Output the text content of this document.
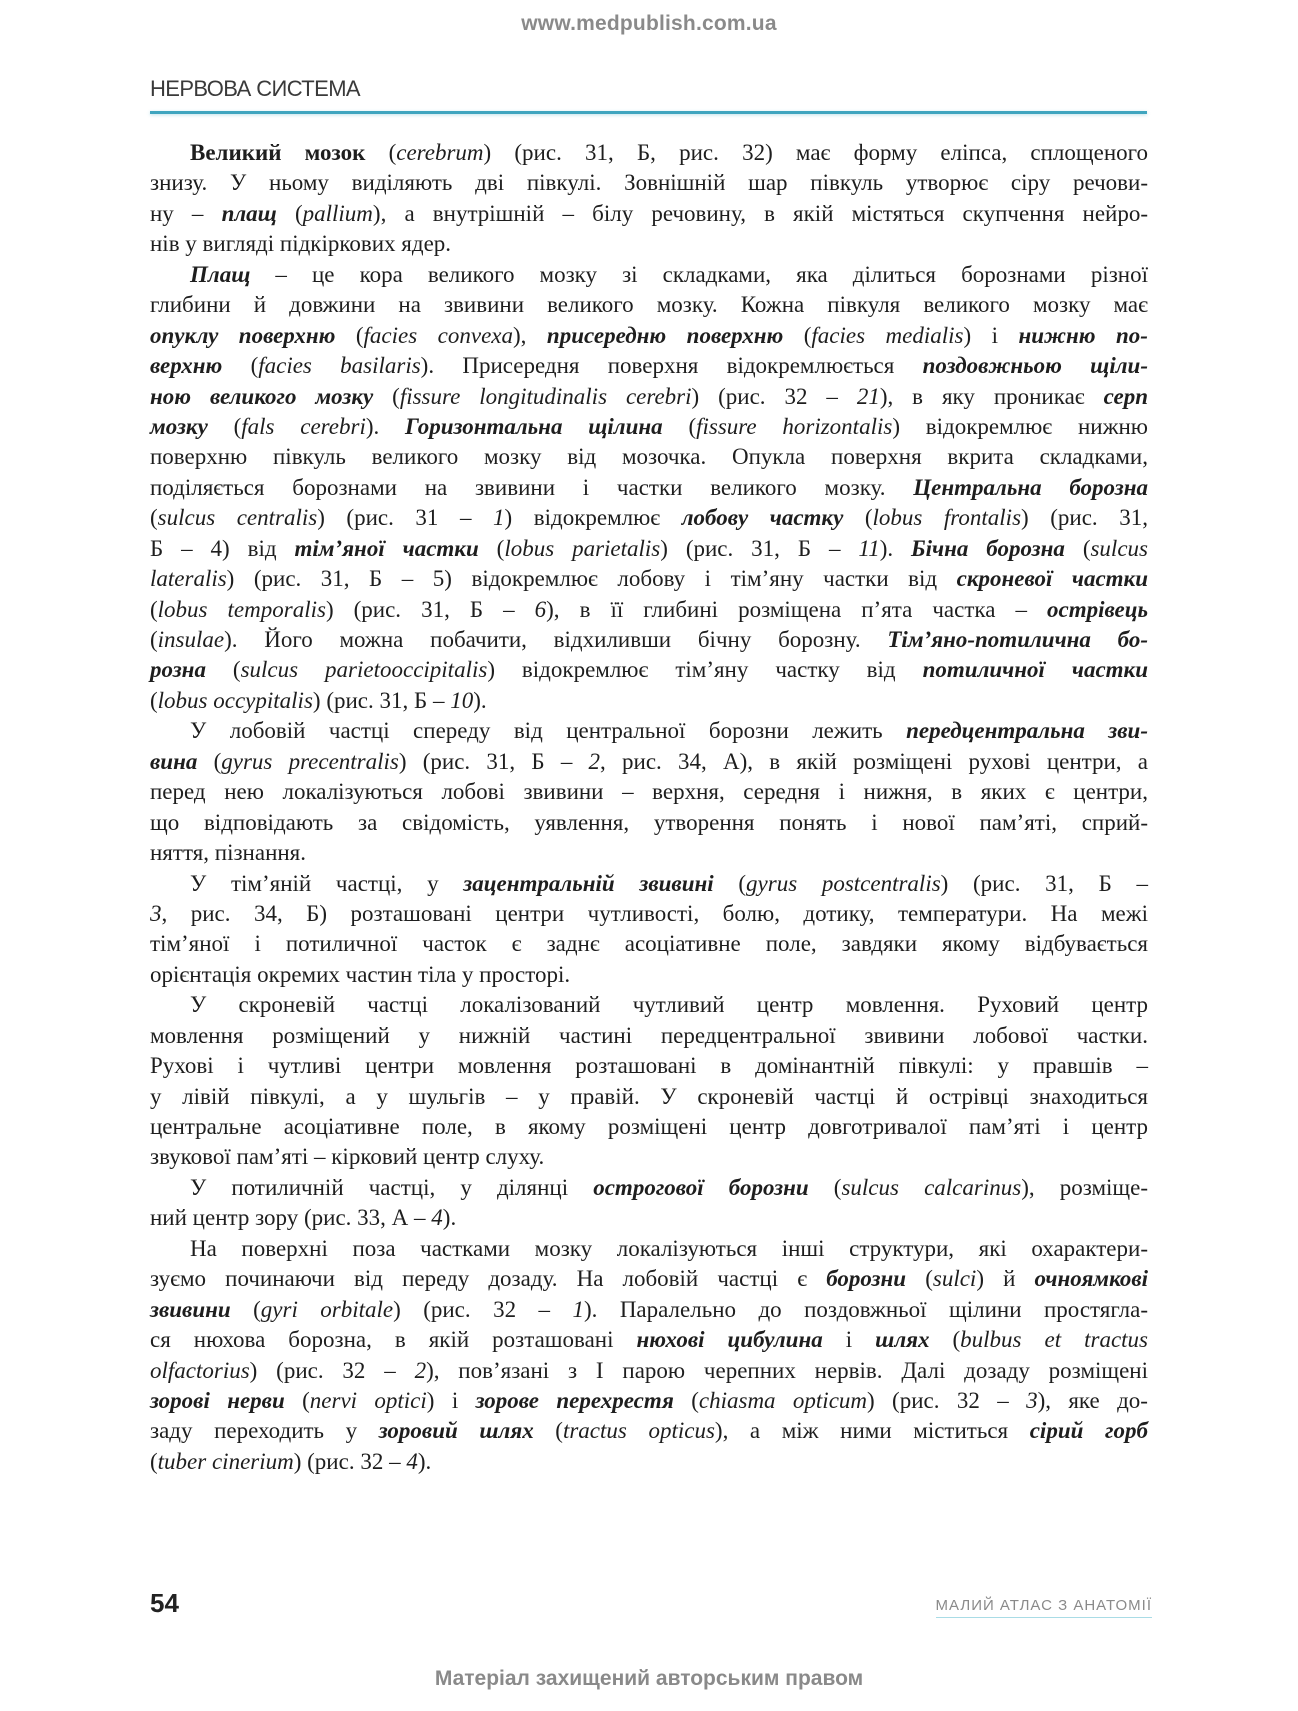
www.medpublish.com.ua
НЕРВОВА СИСТЕМА
Великий мозок (cerebrum) (рис. 31, Б, рис. 32) має форму еліпса, сплощеного
знизу. У ньому виділяють дві півкулі. Зовнішній шар півкуль утворює сіру речови-
ну – плащ (pallium), а внутрішній – білу речовину, в якій містяться скупчення нейро-
нів у вигляді підкіркових ядер.
Плащ – це кора великого мозку зі складками, яка ділиться борознами різної
глибини й довжини на звивини великого мозку. Кожна півкуля великого мозку має
опуклу поверхню (facies convexa), присередню поверхню (facies medialis) і нижню по-
верхню (facies basilaris). Присередня поверхня відокремлюється поздовжньою щіли-
ною великого мозку (fissure longitudinalis cerebri) (рис. 32 – 21), в яку проникає серп
мозку (fals cerebri). Горизонтальна щілина (fissure horizontalis) відокремлює нижню
поверхню півкуль великого мозку від мозочка. Опукла поверхня вкрита складками,
поділяється борознами на звивини і частки великого мозку. Центральна борозна
(sulcus centralis) (рис. 31 – 1) відокремлює лобову частку (lobus frontalis) (рис. 31,
Б – 4) від тім’яної частки (lobus parietalis) (рис. 31, Б – 11). Бічна борозна (sulcus
lateralis) (рис. 31, Б – 5) відокремлює лобову і тім’яну частки від скроневої частки
(lobus temporalis) (рис. 31, Б – 6), в її глибині розміщена п’ята частка – острівець
(insulae). Його можна побачити, відхиливши бічну борозну. Тім’яно-потилична бо-
розна (sulcus parietooccipitalis) відокремлює тім’яну частку від потиличної частки
(lobus occypitalis) (рис. 31, Б – 10).
У лобовій частці спереду від центральної борозни лежить передцентральна зви-
вина (gyrus precentralis) (рис. 31, Б – 2, рис. 34, А), в якій розміщені рухові центри, а
перед нею локалізуються лобові звивини – верхня, середня і нижня, в яких є центри,
що відповідають за свідомість, уявлення, утворення понять і нової пам’яті, сприй-
няття, пізнання.
У тім’яній частці, у зацентральній звивині (gyrus postcentralis) (рис. 31, Б –
3, рис. 34, Б) розташовані центри чутливості, болю, дотику, температури. На межі
тім’яної і потиличної часток є заднє асоціативне поле, завдяки якому відбувається
орієнтація окремих частин тіла у просторі.
У скроневій частці локалізований чутливий центр мовлення. Руховий центр
мовлення розміщений у нижній частині передцентральної звивини лобової частки.
Рухові і чутливі центри мовлення розташовані в домінантній півкулі: у правшів –
у лівій півкулі, а у шульгів – у правій. У скроневій частці й острівці знаходиться
центральне асоціативне поле, в якому розміщені центр довготривалої пам’яті і центр
звукової пам’яті – кірковий центр слуху.
У потиличній частці, у ділянці острогової борозни (sulcus calcarinus), розміще-
ний центр зору (рис. 33, А – 4).
На поверхні поза частками мозку локалізуються інші структури, які охарактери-
зуємо починаючи від переду дозаду. На лобовій частці є борозни (sulci) й очноямкові
звивини (gyri orbitale) (рис. 32 – 1). Паралельно до поздовжньої щілини простягла-
ся нюхова борозна, в якій розташовані нюхові цибулина і шлях (bulbus et tractus
olfactorius) (рис. 32 – 2), пов’язані з I парою черепних нервів. Далі дозаду розміщені
зорові нерви (nervi optici) і зорове перехрестя (chiasma opticum) (рис. 32 – 3), яке до-
заду переходить у зоровий шлях (tractus opticus), а між ними міститься сірий горб
(tuber cinerium) (рис. 32 – 4).
54	МАЛИЙ АТЛАС З АНАТОМІЇ
Матеріал захищений авторським правом
